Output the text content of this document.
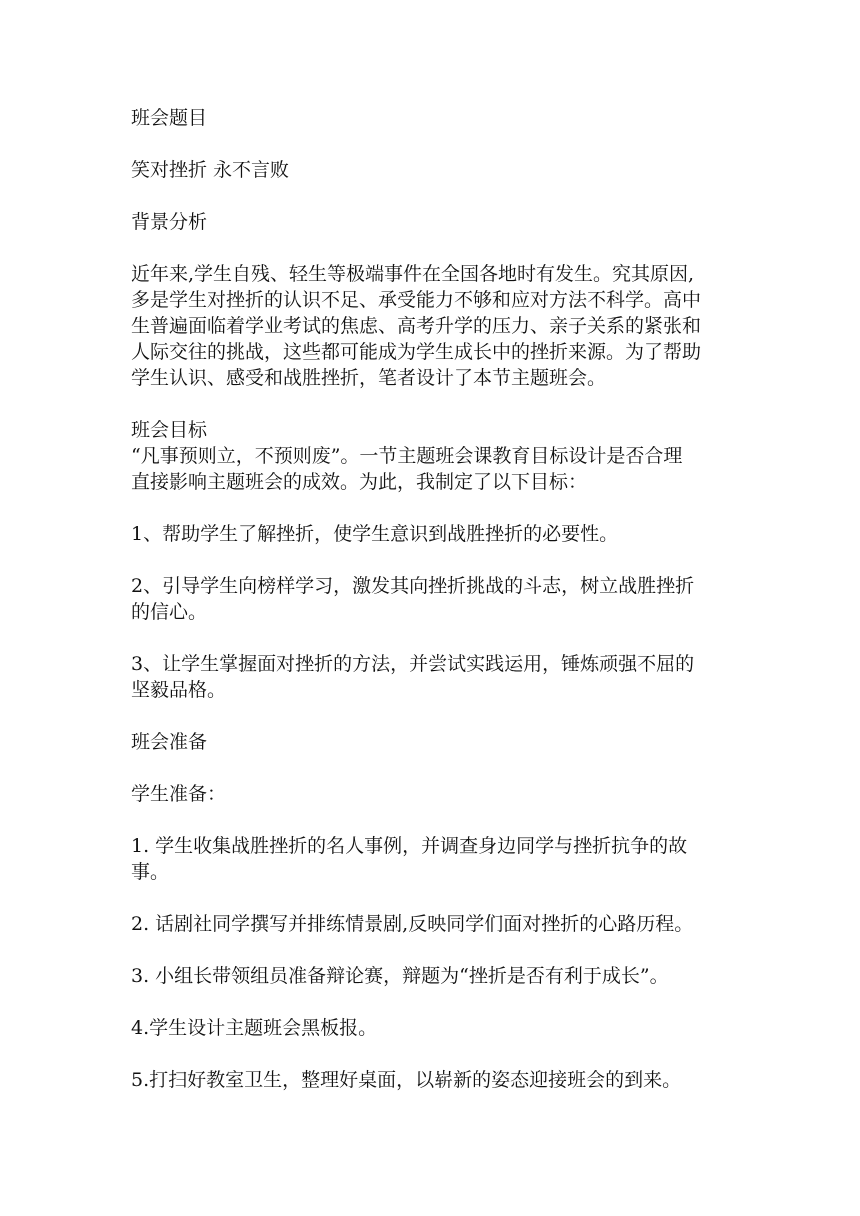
班会题目
笑对挫折 永不言败
背景分析
近年来,学生自残、轻生等极端事件在全国各地时有发生。究其原因,
多是学生对挫折的认识不足、承受能力不够和应对方法不科学。高中
生普遍面临着学业考试的焦虑、高考升学的压力、亲子关系的紧张和
人际交往的挑战，这些都可能成为学生成长中的挫折来源。为了帮助
学生认识、感受和战胜挫折，笔者设计了本节主题班会。
班会目标
“凡事预则立，不预则废”。一节主题班会课教育目标设计是否合理
直接影响主题班会的成效。为此，我制定了以下目标：
1、帮助学生了解挫折，使学生意识到战胜挫折的必要性。
2、引导学生向榜样学习，激发其向挫折挑战的斗志，树立战胜挫折
的信心。
3、让学生掌握面对挫折的方法，并尝试实践运用，锤炼顽强不屈的
坚毅品格。
班会准备
学生准备：
1. 学生收集战胜挫折的名人事例，并调查身边同学与挫折抗争的故
事。
2. 话剧社同学撰写并排练情景剧,反映同学们面对挫折的心路历程。
3. 小组长带领组员准备辩论赛，辩题为“挫折是否有利于成长”。
4.学生设计主题班会黑板报。
5.打扫好教室卫生，整理好桌面，以崭新的姿态迎接班会的到来。
